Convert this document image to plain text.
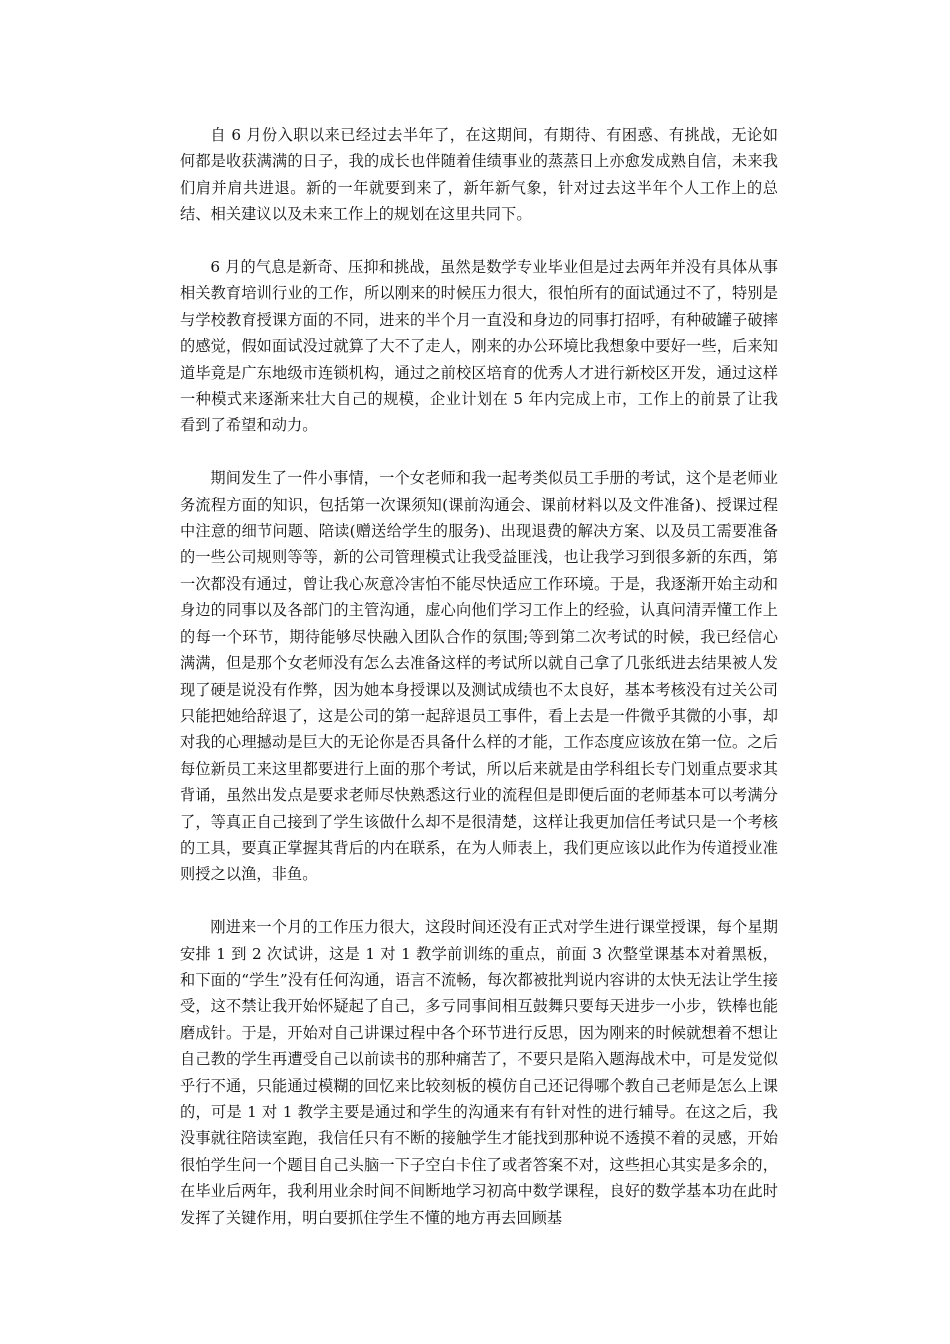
自 6 月份入职以来已经过去半年了，在这期间，有期待、有困惑、有挑战，无论如何都是收获满满的日子，我的成长也伴随着佳绩事业的蒸蒸日上亦愈发成熟自信，未来我们肩并肩共进退。新的一年就要到来了，新年新气象，针对过去这半年个人工作上的总结、相关建议以及未来工作上的规划在这里共同下。

6 月的气息是新奇、压抑和挑战，虽然是数学专业毕业但是过去两年并没有具体从事相关教育培训行业的工作，所以刚来的时候压力很大，很怕所有的面试通过不了，特别是与学校教育授课方面的不同，进来的半个月一直没和身边的同事打招呼，有种破罐子破摔的感觉，假如面试没过就算了大不了走人，刚来的办公环境比我想象中要好一些，后来知道毕竟是广东地级市连锁机构，通过之前校区培育的优秀人才进行新校区开发，通过这样一种模式来逐渐来壮大自己的规模，企业计划在 5 年内完成上市，工作上的前景了让我看到了希望和动力。

期间发生了一件小事情，一个女老师和我一起考类似员工手册的考试，这个是老师业务流程方面的知识，包括第一次课须知(课前沟通会、课前材料以及文件准备)、授课过程中注意的细节问题、陪读(赠送给学生的服务)、出现退费的解决方案、以及员工需要准备的一些公司规则等等，新的公司管理模式让我受益匪浅，也让我学习到很多新的东西，第一次都没有通过，曾让我心灰意冷害怕不能尽快适应工作环境。于是，我逐渐开始主动和身边的同事以及各部门的主管沟通，虚心向他们学习工作上的经验，认真问清弄懂工作上的每一个环节，期待能够尽快融入团队合作的氛围;等到第二次考试的时候，我已经信心满满，但是那个女老师没有怎么去准备这样的考试所以就自己拿了几张纸进去结果被人发现了硬是说没有作弊，因为她本身授课以及测试成绩也不太良好，基本考核没有过关公司只能把她给辞退了，这是公司的第一起辞退员工事件，看上去是一件微乎其微的小事，却对我的心理撼动是巨大的无论你是否具备什么样的才能，工作态度应该放在第一位。之后每位新员工来这里都要进行上面的那个考试，所以后来就是由学科组长专门划重点要求其背诵，虽然出发点是要求老师尽快熟悉这行业的流程但是即便后面的老师基本可以考满分了，等真正自己接到了学生该做什么却不是很清楚，这样让我更加信任考试只是一个考核的工具，要真正掌握其背后的内在联系，在为人师表上，我们更应该以此作为传道授业准则授之以渔，非鱼。

刚进来一个月的工作压力很大，这段时间还没有正式对学生进行课堂授课，每个星期安排 1 到 2 次试讲，这是 1 对 1 教学前训练的重点，前面 3 次整堂课基本对着黑板，和下面的“学生”没有任何沟通，语言不流畅，每次都被批判说内容讲的太快无法让学生接受，这不禁让我开始怀疑起了自己，多亏同事间相互鼓舞只要每天进步一小步，铁棒也能磨成针。于是，开始对自己讲课过程中各个环节进行反思，因为刚来的时候就想着不想让自己教的学生再遭受自己以前读书的那种痛苦了，不要只是陷入题海战术中，可是发觉似乎行不通，只能通过模糊的回忆来比较刻板的模仿自己还记得哪个教自己老师是怎么上课的，可是 1 对 1 教学主要是通过和学生的沟通来有有针对性的进行辅导。在这之后，我没事就往陪读室跑，我信任只有不断的接触学生才能找到那种说不透摸不着的灵感，开始很怕学生问一个题目自己头脑一下子空白卡住了或者答案不对，这些担心其实是多余的，在毕业后两年，我利用业余时间不间断地学习初高中数学课程，良好的数学基本功在此时发挥了关键作用，明白要抓住学生不懂的地方再去回顾基
